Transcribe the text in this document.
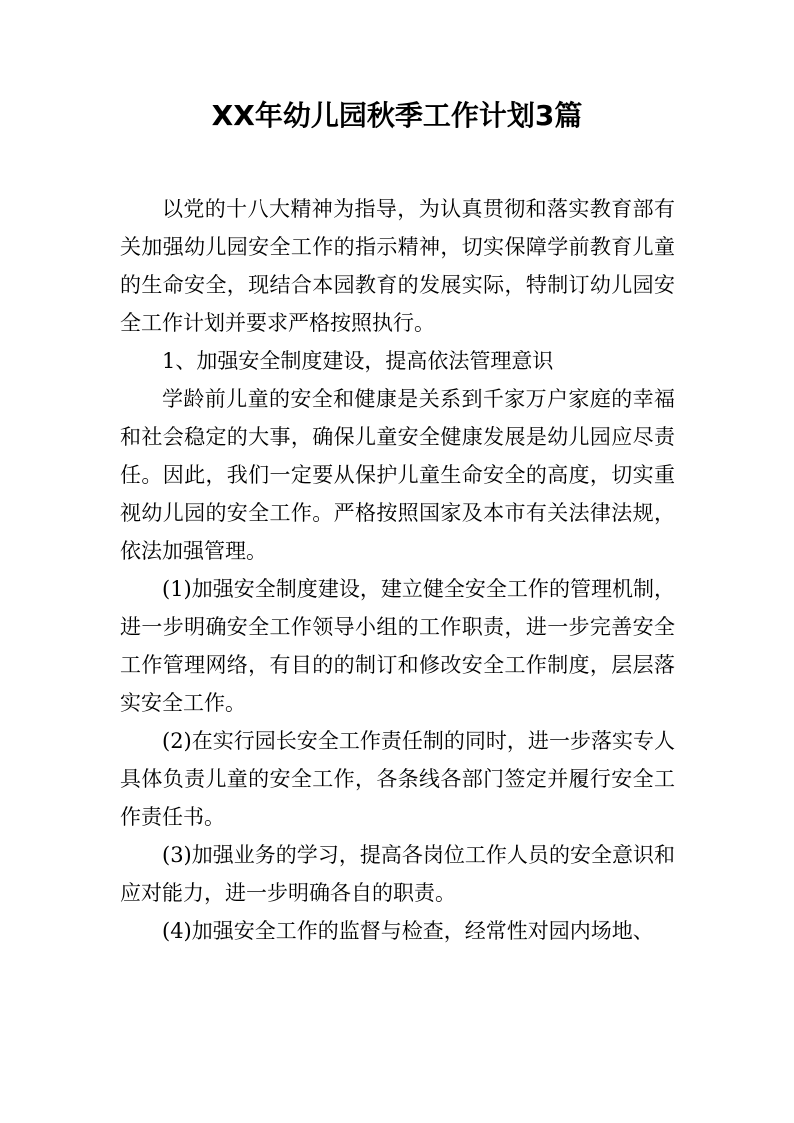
XX年幼儿园秋季工作计划3篇

以党的十八大精神为指导，为认真贯彻和落实教育部有关加强幼儿园安全工作的指示精神，切实保障学前教育儿童的生命安全，现结合本园教育的发展实际，特制订幼儿园安全工作计划并要求严格按照执行。

1、加强安全制度建设，提高依法管理意识

学龄前儿童的安全和健康是关系到千家万户家庭的幸福和社会稳定的大事，确保儿童安全健康发展是幼儿园应尽责任。因此，我们一定要从保护儿童生命安全的高度，切实重视幼儿园的安全工作。严格按照国家及本市有关法律法规，依法加强管理。

(1)加强安全制度建设，建立健全安全工作的管理机制，进一步明确安全工作领导小组的工作职责，进一步完善安全工作管理网络，有目的的制订和修改安全工作制度，层层落实安全工作。

(2)在实行园长安全工作责任制的同时，进一步落实专人具体负责儿童的安全工作，各条线各部门签定并履行安全工作责任书。

(3)加强业务的学习，提高各岗位工作人员的安全意识和应对能力，进一步明确各自的职责。

(4)加强安全工作的监督与检查，经常性对园内场地、
